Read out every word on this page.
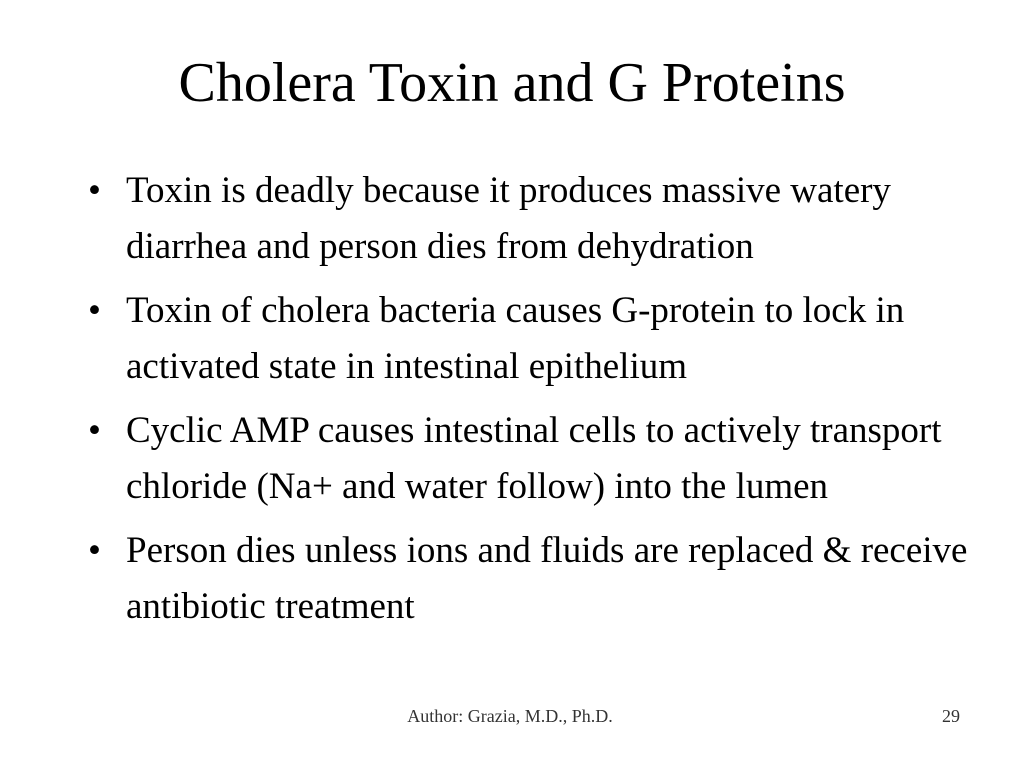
Cholera Toxin and G Proteins
• Toxin is deadly because it produces massive watery diarrhea and person dies from dehydration
• Toxin of cholera bacteria causes G-protein to lock in activated state in intestinal epithelium
• Cyclic AMP causes intestinal cells to actively transport chloride (Na+ and water follow) into the lumen
• Person dies unless ions and fluids are replaced & receive antibiotic treatment
Author: Grazia, M.D., Ph.D.	29
